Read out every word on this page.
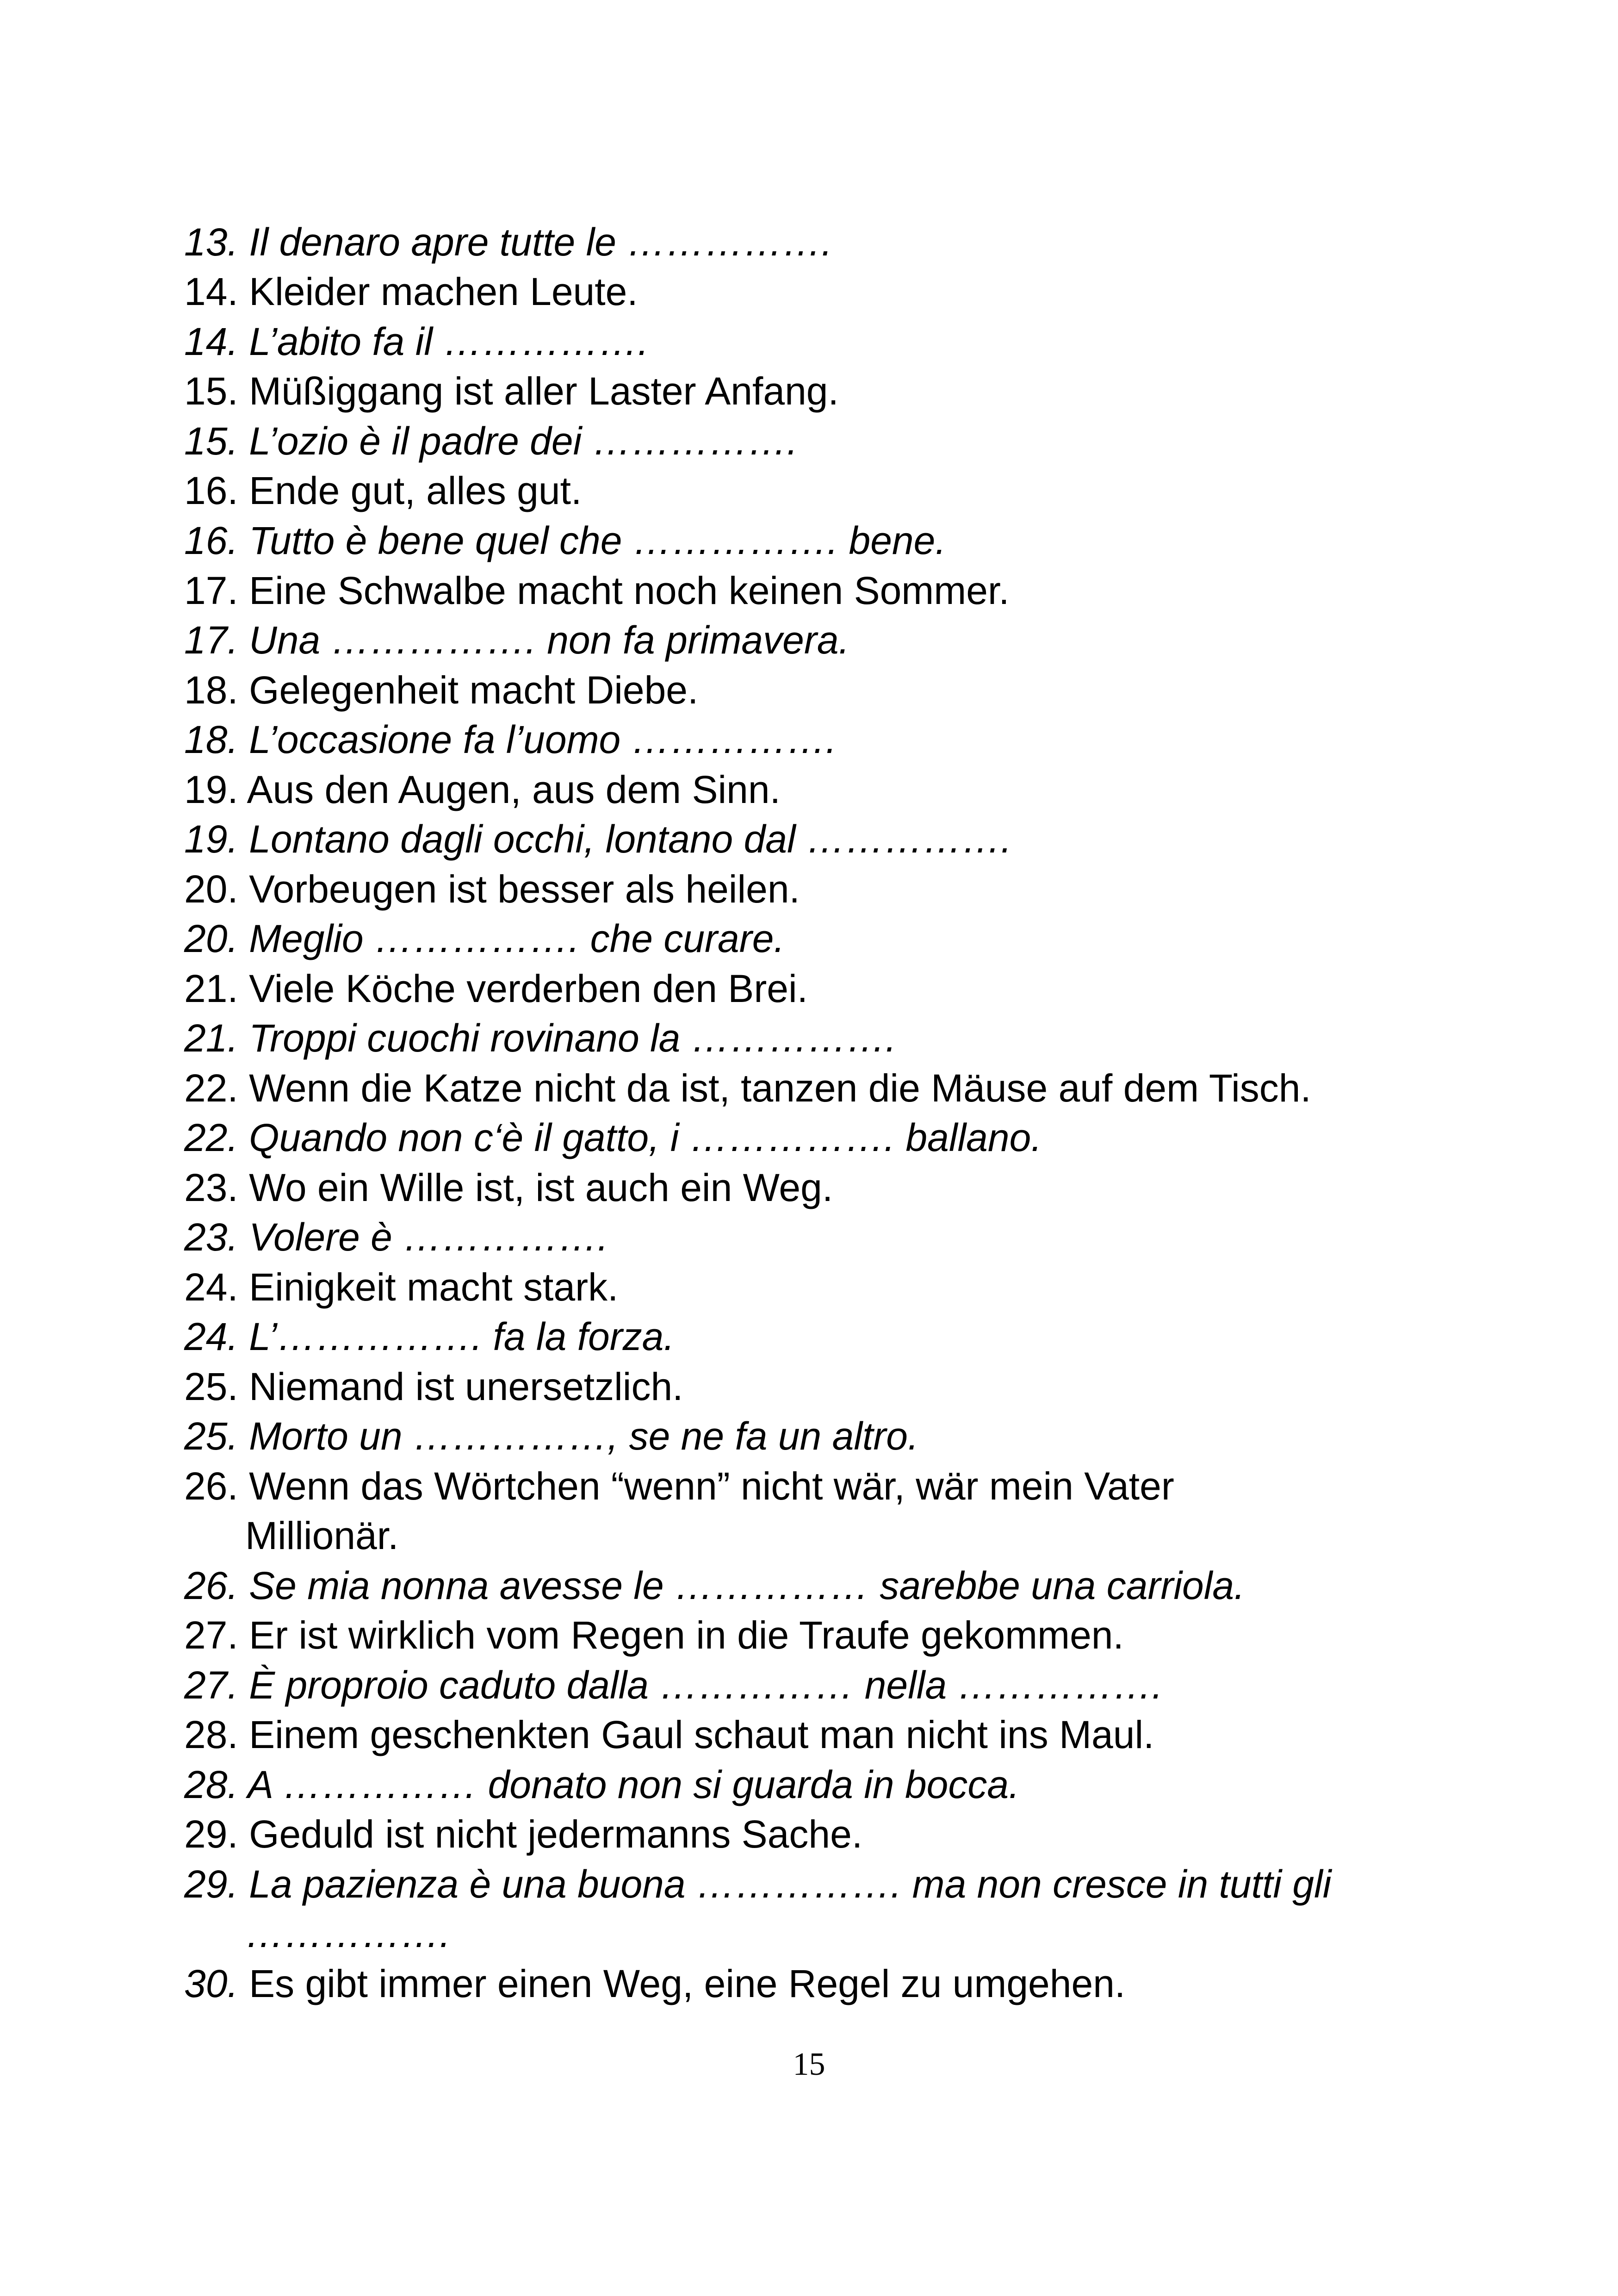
13. Il denaro apre tutte le …………….
14. Kleider machen Leute.
14. L’abito fa il …………….
15. Müßiggang ist aller Laster Anfang.
15. L’ozio è il padre dei …………….
16. Ende gut, alles gut.
16. Tutto è bene quel che ……………. bene.
17. Eine Schwalbe macht noch keinen Sommer.
17. Una ……………. non fa primavera.
18. Gelegenheit macht Diebe.
18. L’occasione fa l’uomo …………….
19. Aus den Augen, aus dem Sinn.
19. Lontano dagli occhi, lontano dal …………….
20. Vorbeugen ist besser als heilen.
20. Meglio ……………. che curare.
21. Viele Köche verderben den Brei.
21. Troppi cuochi rovinano la …………….
22. Wenn die Katze nicht da ist, tanzen die Mäuse auf dem Tisch.
22. Quando non c‘è il gatto, i ……………. ballano.
23. Wo ein Wille ist, ist auch ein Weg.
23. Volere è …………….
24. Einigkeit macht stark.
24. L’……………. fa la forza.
25. Niemand ist unersetzlich.
25. Morto un ……………, se ne fa un altro.
26. Wenn das Wörtchen “wenn” nicht wär, wär mein Vater
Millionär.
26. Se mia nonna avesse le …………… sarebbe una carriola.
27. Er ist wirklich vom Regen in die Traufe gekommen.
27. È proproio caduto dalla …………… nella …………….
28. Einem geschenkten Gaul schaut man nicht ins Maul.
28. A …………… donato non si guarda in bocca.
29. Geduld ist nicht jedermanns Sache.
29. La pazienza è una buona ……………. ma non cresce in tutti gli
…………….
30. Es gibt immer einen Weg, eine Regel zu umgehen.
15
